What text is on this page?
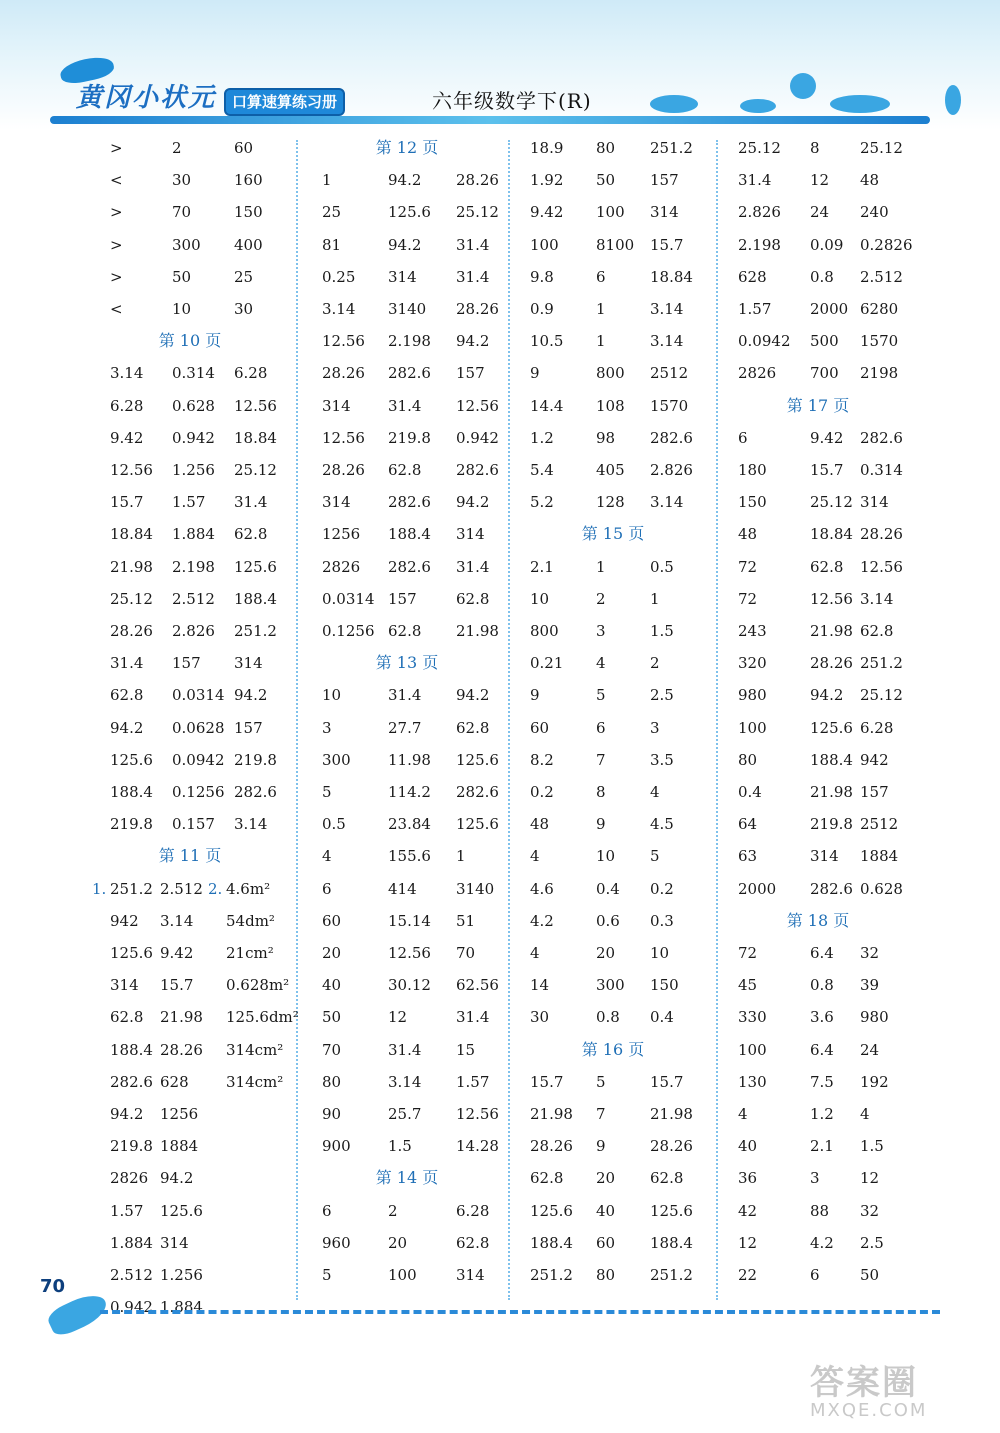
黄冈小状元	口算速算练习册	六年级数学下(R)
>	2	60
<	30	160
>	70	150
>	300 400
>	50	25
<	10	30
第 10 页
3.14 0.314 6.28
6.28 0.628 12.56
9.42 0.942 18.84
12.56 1.256 25.12
15.7 1.57 31.4
18.84 1.884 62.8
21.98 2.198 125.6
25.12 2.512 188.4
28.26 2.826 251.2
31.4 157 314
62.8 0.0314 94.2
94.2 0.0628 157
125.6 0.0942 219.8
188.4 0.1256 282.6
219.8 0.157 3.14
第 11 页
1. 251.2 2.512 2. 4.6m²
942 3.14 54dm²
125.6 9.42 21cm²
314 15.7 0.628m²
62.8 21.98 125.6dm²
188.4 28.26 314cm²
282.6 628 314cm²
94.2 1256
219.8 1884
2826 94.2
1.57 125.6
1.884 314
2.512 1.256
0.942 1.884
第 12 页
1	94.2 28.26
25	125.6 25.12
81	94.2 31.4
0.25 314	31.4
3.14 3140 28.26
12.56 2.198 94.2
28.26 282.6 157
314 31.4 12.56
12.56 219.8 0.942
28.26 62.8 282.6
314 282.6 94.2
1256 188.4 314
2826 282.6 31.4
0.0314 157	62.8
0.1256 62.8 21.98
第 13 页
10	31.4 94.2
3	27.7 62.8
300 11.98 125.6
5	114.2 282.6
0.5	23.84 125.6
4	155.6 1
6	414	3140
60	15.14 51
20	12.56 70
40	30.12 62.56
50	12	31.4
70	31.4 15
80	3.14 1.57
90	25.7 12.56
900 1.5	14.28
第 14 页
6	2	6.28
960 20	62.8
5	100	314
18.9 80 251.2
1.92 50 157
9.42 100 314
100 8100 15.7
9.8	6	18.84
0.9	1	3.14
10.5 1	3.14
9	800 2512
14.4 108 1570
1.2	98 282.6
5.4	405 2.826
5.2	128 3.14
第 15 页
2.1	1	0.5
10	2	1
800 3	1.5
0.21 4	2
9	5	2.5
60	6	3
8.2	7	3.5
0.2	8	4
48	9	4.5
4	10 5
4.6	0.4 0.2
4.2	0.6 0.3
4	20 10
14	300 150
30	0.8 0.4
第 16 页
15.7 5	15.7
21.98 7	21.98
28.26 9	28.26
62.8 20 62.8
125.6 40 125.6
188.4 60 188.4
251.2 80 251.2
25.12 8	25.12
31.4	12 48
2.826 24 240
2.198 0.09 0.2826
628	0.8 2.512
1.57	2000 6280
0.0942 500 1570
2826 700 2198
第 17 页
6	9.42 282.6
180	15.7 0.314
150	25.12 314
48	18.84 28.26
72	62.8 12.56
72	12.56 3.14
243	21.98 62.8
320	28.26 251.2
980	94.2 25.12
100	125.6 6.28
80	188.4 942
0.4	21.98 157
64	219.8 2512
63	314 1884
2000 282.6 0.628
第 18 页
72	6.4 32
45	0.8 39
330	3.6 980
100	6.4 24
130	7.5 192
4	1.2 4
40	2.1 1.5
36	3	12
42	88 32
12	4.2 2.5
22	6	50
70
答案圈
MXQE.COM
